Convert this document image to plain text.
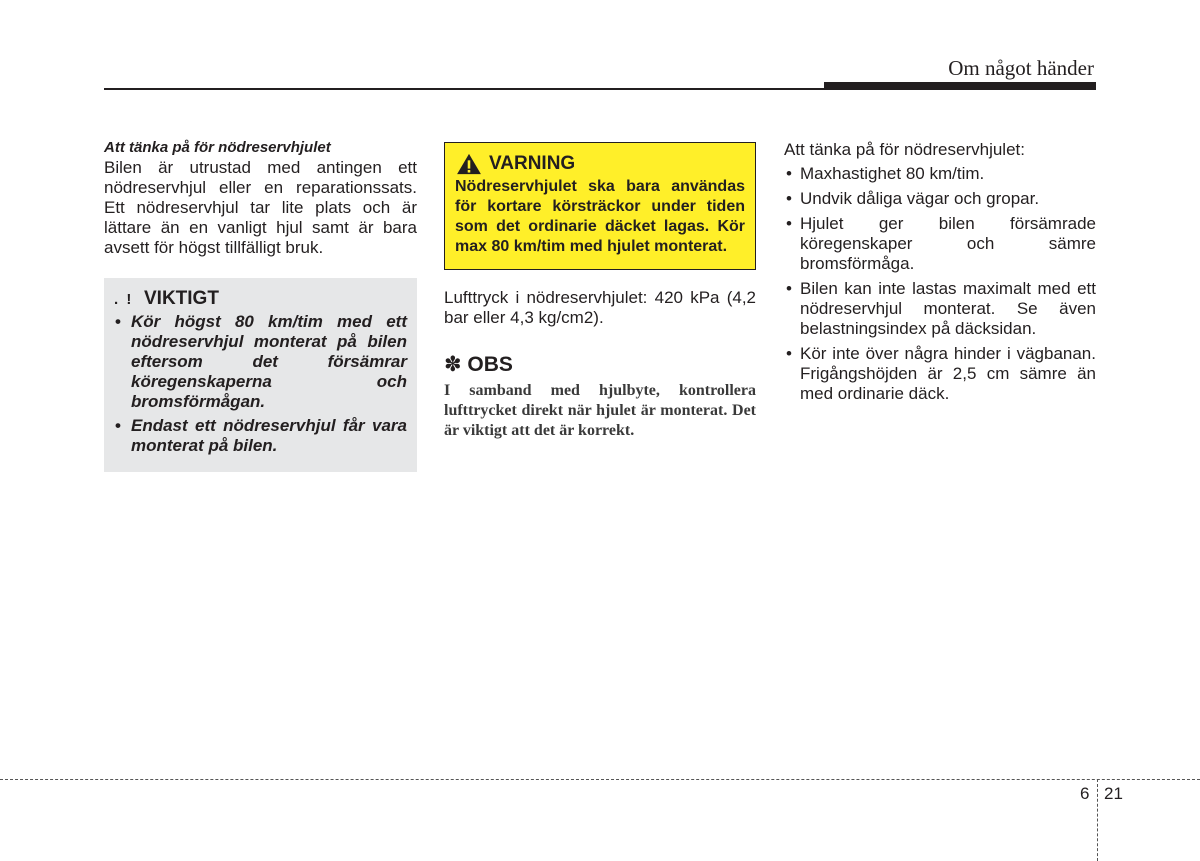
Om något händer

Att tänka på för nödreservhjulet

Bilen är utrustad med antingen ett nödreservhjul eller en reparationssats. Ett nödreservhjul tar lite plats och är lättare än en vanligt hjul samt är bara avsett för högst tillfälligt bruk.

. ! VIKTIGT
• Kör högst 80 km/tim med ett nödreservhjul monterat på bilen eftersom det försämrar köregenskaperna och bromsförmågan.
• Endast ett nödreservhjul får vara monterat på bilen.
VARNING

Nödreservhjulet ska bara användas för kortare körsträckor under tiden som det ordinarie däcket lagas. Kör max 80 km/tim med hjulet monterat.

Lufttryck i nödreservhjulet: 420 kPa (4,2 bar eller 4,3 kg/cm2).

✽ OBS

I samband med hjulbyte, kontrollera lufttrycket direkt när hjulet är monterat. Det är viktigt att det är korrekt.

Att tänka på för nödreservhjulet:

• Maxhastighet 80 km/tim.
• Undvik dåliga vägar och gropar.
• Hjulet ger bilen försämrade köregenskaper och sämre bromsförmåga.
• Bilen kan inte lastas maximalt med ett nödreservhjul monterat. Se även belastningsindex på däcksidan.
• Kör inte över några hinder i vägbanan. Frigångshöjden är 2,5 cm sämre än med ordinarie däck.
6 21
